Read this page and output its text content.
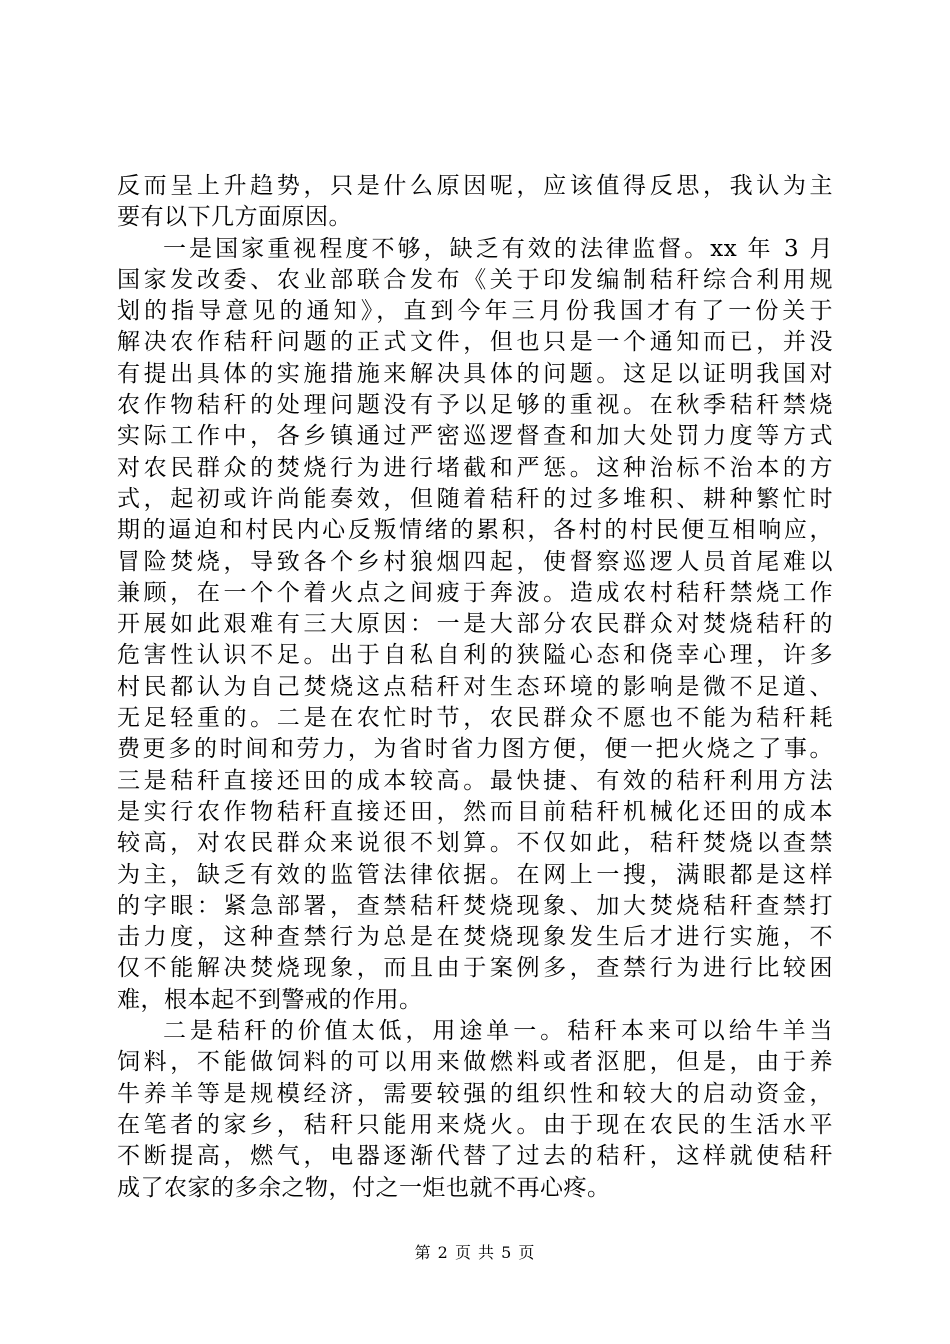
反而呈上升趋势，只是什么原因呢，应该值得反思，我认为主
要有以下几方面原因。
一是国家重视程度不够，缺乏有效的法律监督。xx 年 3 月
国家发改委、农业部联合发布《关于印发编制秸秆综合利用规
划的指导意见的通知》，直到今年三月份我国才有了一份关于
解决农作秸秆问题的正式文件，但也只是一个通知而已，并没
有提出具体的实施措施来解决具体的问题。这足以证明我国对
农作物秸秆的处理问题没有予以足够的重视。在秋季秸秆禁烧
实际工作中，各乡镇通过严密巡逻督查和加大处罚力度等方式
对农民群众的焚烧行为进行堵截和严惩。这种治标不治本的方
式，起初或许尚能奏效，但随着秸秆的过多堆积、耕种繁忙时
期的逼迫和村民内心反叛情绪的累积，各村的村民便互相响应，
冒险焚烧，导致各个乡村狼烟四起，使督察巡逻人员首尾难以
兼顾，在一个个着火点之间疲于奔波。造成农村秸秆禁烧工作
开展如此艰难有三大原因：一是大部分农民群众对焚烧秸秆的
危害性认识不足。出于自私自利的狭隘心态和侥幸心理，许多
村民都认为自己焚烧这点秸秆对生态环境的影响是微不足道、
无足轻重的。二是在农忙时节，农民群众不愿也不能为秸秆耗
费更多的时间和劳力，为省时省力图方便，便一把火烧之了事。
三是秸秆直接还田的成本较高。最快捷、有效的秸秆利用方法
是实行农作物秸秆直接还田，然而目前秸秆机械化还田的成本
较高，对农民群众来说很不划算。不仅如此，秸秆焚烧以查禁
为主，缺乏有效的监管法律依据。在网上一搜，满眼都是这样
的字眼：紧急部署，查禁秸秆焚烧现象、加大焚烧秸秆查禁打
击力度，这种查禁行为总是在焚烧现象发生后才进行实施，不
仅不能解决焚烧现象，而且由于案例多，查禁行为进行比较困
难，根本起不到警戒的作用。
二是秸秆的价值太低，用途单一。秸秆本来可以给牛羊当
饲料，不能做饲料的可以用来做燃料或者沤肥，但是，由于养
牛养羊等是规模经济，需要较强的组织性和较大的启动资金，
在笔者的家乡，秸秆只能用来烧火。由于现在农民的生活水平
不断提高，燃气，电器逐渐代替了过去的秸秆，这样就使秸秆
成了农家的多余之物，付之一炬也就不再心疼。
第 2 页 共 5 页
